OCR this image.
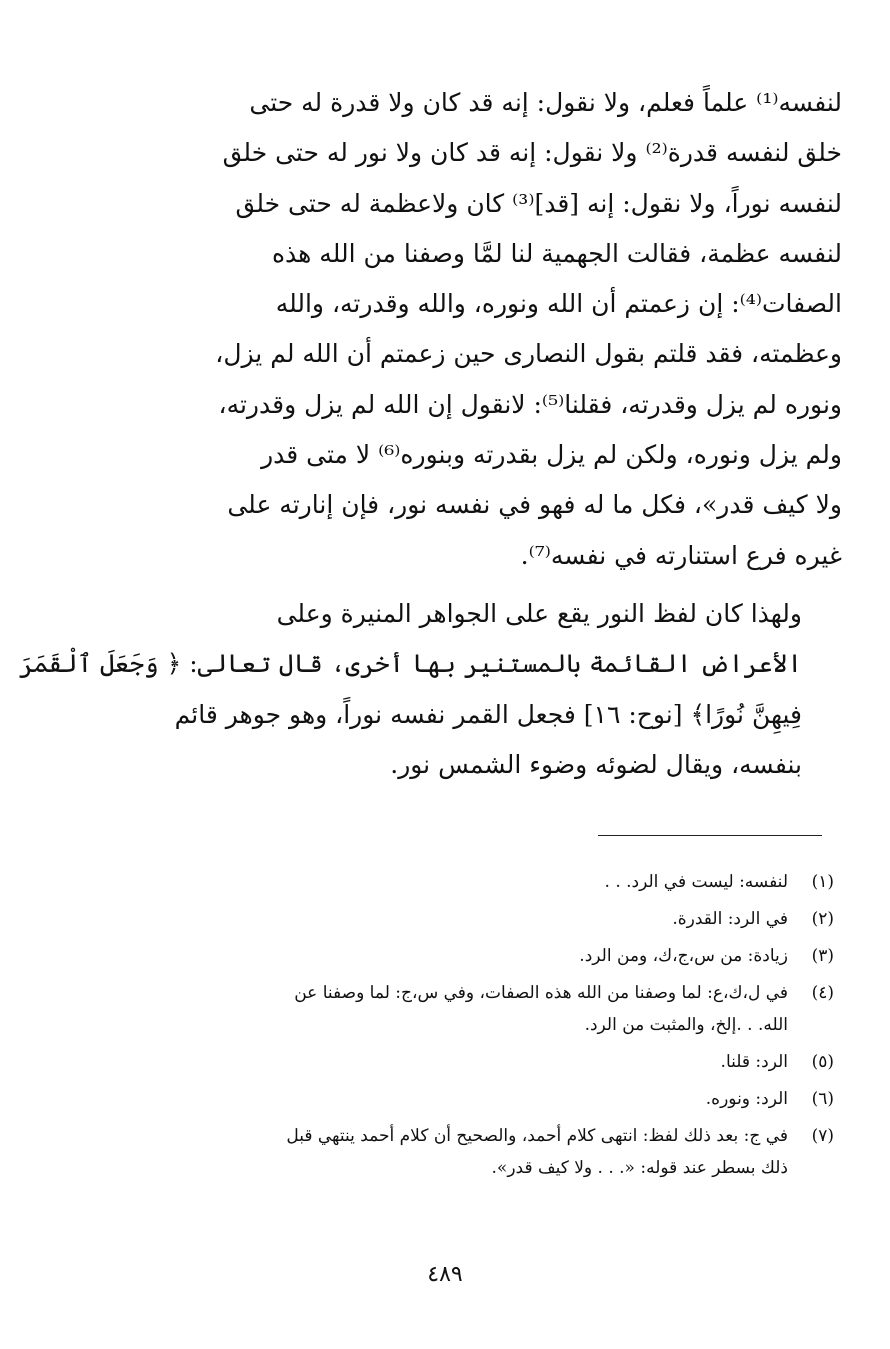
لنفسه⁽¹⁾ علماً فعلم، ولا نقول: إنه قد كان ولا قدرة له حتى
خلق لنفسه قدرة⁽²⁾ ولا نقول: إنه قد كان ولا نور له حتى خلق
لنفسه نوراً، ولا نقول: إنه [قد]⁽³⁾ كان ولاعظمة له حتى خلق
لنفسه عظمة، فقالت الجهمية لنا لمَّا وصفنا من الله هذه
الصفات⁽⁴⁾: إن زعمتم أن الله ونوره، والله وقدرته، والله
وعظمته، فقد قلتم بقول النصارى حين زعمتم أن الله لم يزل،
ونوره لم يزل وقدرته، فقلنا⁽⁵⁾: لانقول إن الله لم يزل وقدرته،
ولم يزل ونوره، ولكن لم يزل بقدرته وبنوره⁽⁶⁾ لا متى قدر
ولا كيف قدر»، فكل ما له فهو في نفسه نور، فإن إنارته على
غيره فرع استنارته في نفسه⁽⁷⁾.

ولهذا كان لفظ النور يقع على الجواهر المنيرة وعلى
الأعراض القائمة بالمستنير بها أخرى، قال تعالى: ﴿ وَجَعَلَ ٱلْقَمَرَ
فِيهِنَّ نُورًا﴾ [نوح: ١٦] فجعل القمر نفسه نوراً، وهو جوهر قائم
بنفسه، ويقال لضوئه وضوء الشمس نور.

(١)
لنفسه: ليست في الرد. . .
(٢)
في الرد: القدرة.
(٣)
زيادة: من س،ج،ك، ومن الرد.
(٤)
في ل،ك،ع: لما وصفنا من الله هذه الصفات، وفي س،ج: لما وصفنا عن
الله. . .إلخ، والمثبت من الرد.
(٥)
الرد: قلنا.
(٦)
الرد: ونوره.
(٧)
في ج: بعد ذلك لفظ: انتهى كلام أحمد، والصحيح أن كلام أحمد ينتهي قبل
ذلك بسطر عند قوله: «. . . ولا كيف قدر».
٤٨٩
